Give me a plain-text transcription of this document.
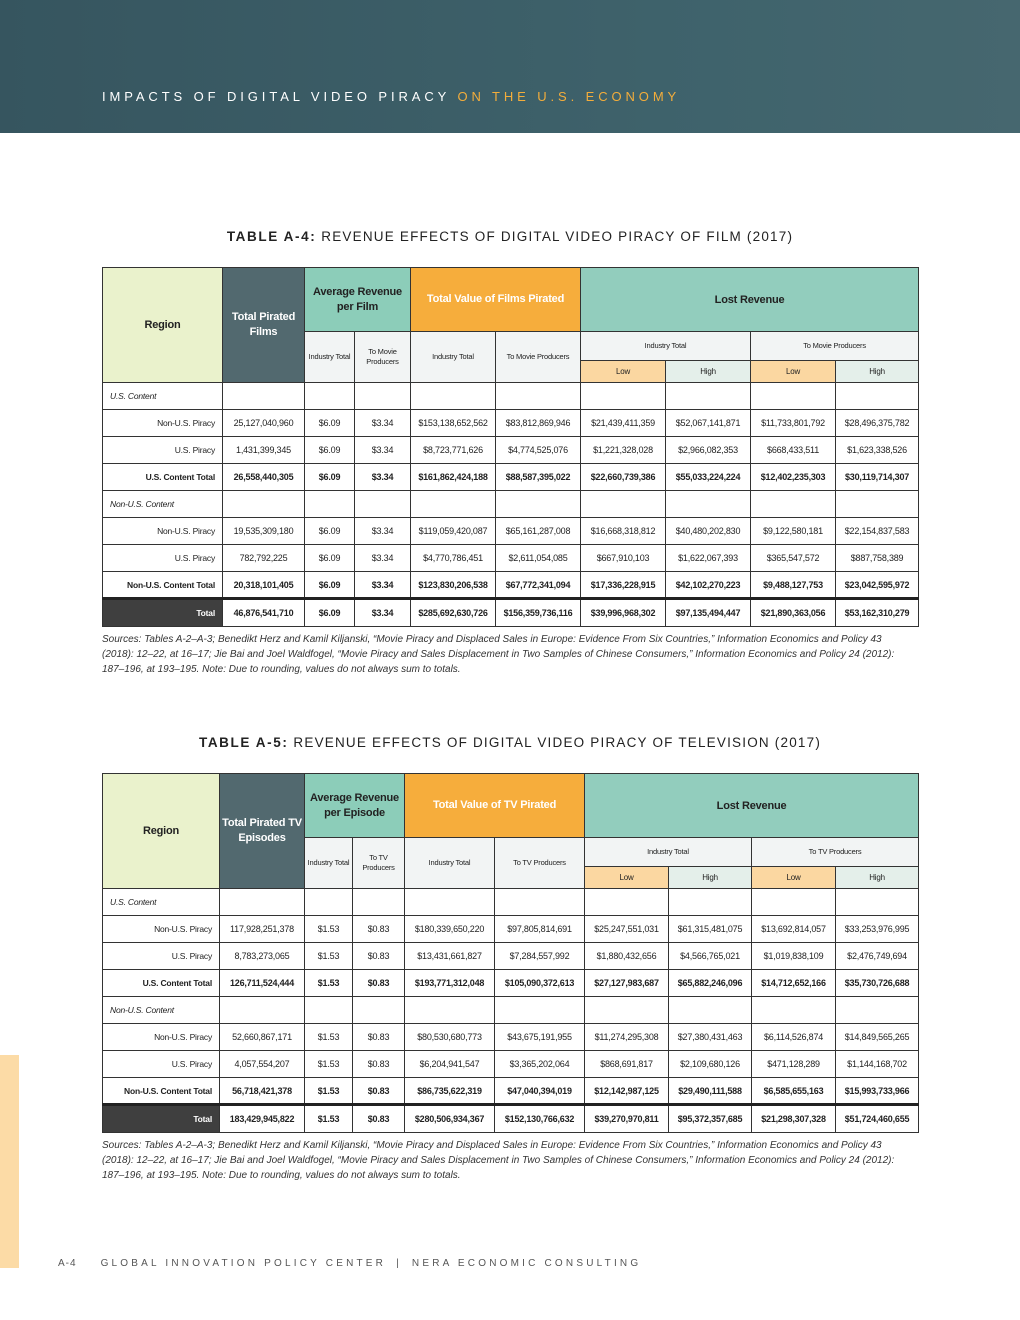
IMPACTS OF DIGITAL VIDEO PIRACY ON THE U.S. ECONOMY
TABLE A-4: REVENUE EFFECTS OF DIGITAL VIDEO PIRACY OF FILM (2017)
Region	Total Pirated Films	Average Revenue per Film		Total Value of Films Pirated		Lost Revenue			
		Industry Total	To Movie Producers	Industry Total	To Movie Producers	Industry Total		To Movie Producers	
						Low	High	Low	High
U.S. Content									
Non-U.S. Piracy	25,127,040,960	$6.09	$3.34	$153,138,652,562	$83,812,869,946	$21,439,411,359	$52,067,141,871	$11,733,801,792	$28,496,375,782
U.S. Piracy	1,431,399,345	$6.09	$3.34	$8,723,771,626	$4,774,525,076	$1,221,328,028	$2,966,082,353	$668,433,511	$1,623,338,526
U.S. Content Total	26,558,440,305	$6.09	$3.34	$161,862,424,188	$88,587,395,022	$22,660,739,386	$55,033,224,224	$12,402,235,303	$30,119,714,307
Non-U.S. Content									
Non-U.S. Piracy	19,535,309,180	$6.09	$3.34	$119,059,420,087	$65,161,287,008	$16,668,318,812	$40,480,202,830	$9,122,580,181	$22,154,837,583
U.S. Piracy	782,792,225	$6.09	$3.34	$4,770,786,451	$2,611,054,085	$667,910,103	$1,622,067,393	$365,547,572	$887,758,389
Non-U.S. Content Total	20,318,101,405	$6.09	$3.34	$123,830,206,538	$67,772,341,094	$17,336,228,915	$42,102,270,223	$9,488,127,753	$23,042,595,972
Total	46,876,541,710	$6.09	$3.34	$285,692,630,726	$156,359,736,116	$39,996,968,302	$97,135,494,447	$21,890,363,056	$53,162,310,279
Sources: Tables A-2–A-3; Benedikt Herz and Kamil Kiljanski, “Movie Piracy and Displaced Sales in Europe: Evidence From Six Countries,” Information Economics and Policy 43 (2018): 12–22, at 16–17; Jie Bai and Joel Waldfogel, “Movie Piracy and Sales Displacement in Two Samples of Chinese Consumers,” Information Economics and Policy 24 (2012): 187–196, at 193–195. Note: Due to rounding, values do not always sum to totals.
TABLE A-5: REVENUE EFFECTS OF DIGITAL VIDEO PIRACY OF TELEVISION (2017)
Region	Total Pirated TV Episodes	Average Revenue per Episode		Total Value of TV Pirated		Lost Revenue			
		Industry Total	To TV Producers	Industry Total	To TV Producers	Industry Total		To TV Producers	
						Low	High	Low	High
U.S. Content									
Non-U.S. Piracy	117,928,251,378	$1.53	$0.83	$180,339,650,220	$97,805,814,691	$25,247,551,031	$61,315,481,075	$13,692,814,057	$33,253,976,995
U.S. Piracy	8,783,273,065	$1.53	$0.83	$13,431,661,827	$7,284,557,992	$1,880,432,656	$4,566,765,021	$1,019,838,109	$2,476,749,694
U.S. Content Total	126,711,524,444	$1.53	$0.83	$193,771,312,048	$105,090,372,613	$27,127,983,687	$65,882,246,096	$14,712,652,166	$35,730,726,688
Non-U.S. Content									
Non-U.S. Piracy	52,660,867,171	$1.53	$0.83	$80,530,680,773	$43,675,191,955	$11,274,295,308	$27,380,431,463	$6,114,526,874	$14,849,565,265
U.S. Piracy	4,057,554,207	$1.53	$0.83	$6,204,941,547	$3,365,202,064	$868,691,817	$2,109,680,126	$471,128,289	$1,144,168,702
Non-U.S. Content Total	56,718,421,378	$1.53	$0.83	$86,735,622,319	$47,040,394,019	$12,142,987,125	$29,490,111,588	$6,585,655,163	$15,993,733,966
Total	183,429,945,822	$1.53	$0.83	$280,506,934,367	$152,130,766,632	$39,270,970,811	$95,372,357,685	$21,298,307,328	$51,724,460,655
Sources: Tables A-2–A-3; Benedikt Herz and Kamil Kiljanski, “Movie Piracy and Displaced Sales in Europe: Evidence From Six Countries,” Information Economics and Policy 43 (2018): 12–22, at 16–17; Jie Bai and Joel Waldfogel, “Movie Piracy and Sales Displacement in Two Samples of Chinese Consumers,” Information Economics and Policy 24 (2012): 187–196, at 193–195. Note: Due to rounding, values do not always sum to totals.
A-4 GLOBAL INNOVATION POLICY CENTER | NERA ECONOMIC CONSULTING
